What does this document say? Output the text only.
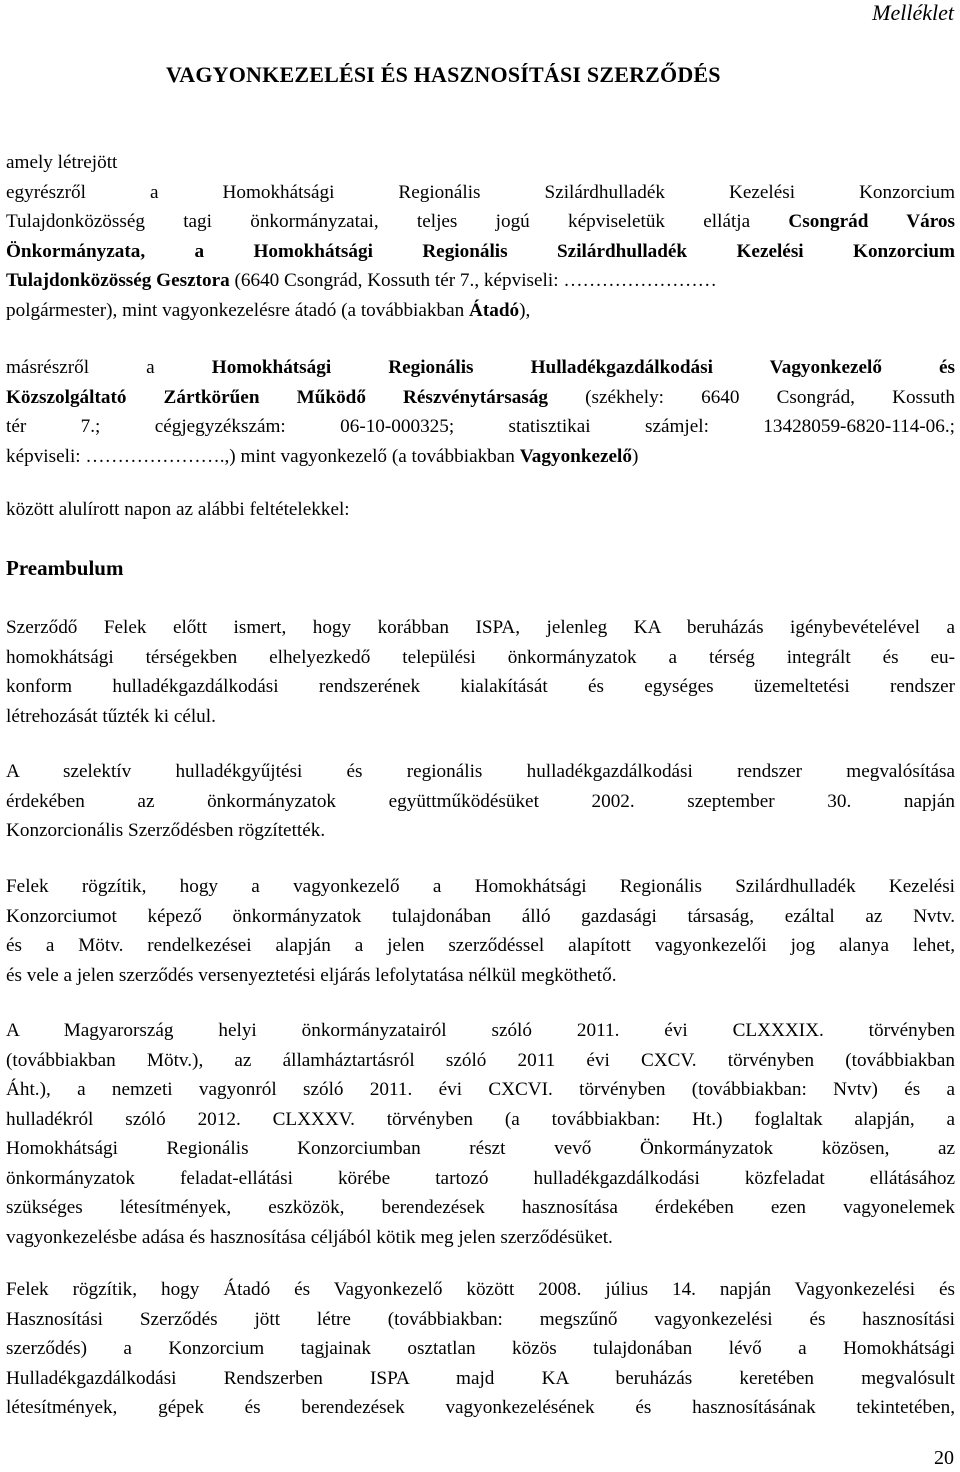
Melléklet
VAGYONKEZELÉSI ÉS HASZNOSÍTÁSI SZERZŐDÉS
amely létrejött
egyrészről a Homokhátsági Regionális Szilárdhulladék Kezelési Konzorcium
Tulajdonközösség tagi önkormányzatai, teljes jogú képviseletük ellátja Csongrád Város
Önkormányzata, a Homokhátsági Regionális Szilárdhulladék Kezelési Konzorcium
Tulajdonközösség Gesztora (6640 Csongrád, Kossuth tér 7., képviseli: ……………………
polgármester), mint vagyonkezelésre átadó (a továbbiakban Átadó),
másrészről a Homokhátsági Regionális Hulladékgazdálkodási Vagyonkezelő és
Közszolgáltató Zártkörűen Működő Részvénytársaság (székhely: 6640 Csongrád, Kossuth
tér 7.; cégjegyzékszám: 06-10-000325; statisztikai számjel: 13428059-6820-114-06.;
képviseli: ………………….,) mint vagyonkezelő (a továbbiakban Vagyonkezelő)
között alulírott napon az alábbi feltételekkel:
Preambulum
Szerződő Felek előtt ismert, hogy korábban ISPA, jelenleg KA beruházás igénybevételével a
homokhátsági térségekben elhelyezkedő települési önkormányzatok a térség integrált és eu-
konform hulladékgazdálkodási rendszerének kialakítását és egységes üzemeltetési rendszer
létrehozását tűzték ki célul.
A szelektív hulladékgyűjtési és regionális hulladékgazdálkodási rendszer megvalósítása
érdekében az önkormányzatok együttműködésüket 2002. szeptember 30. napján
Konzorcionális Szerződésben rögzítették.
Felek rögzítik, hogy a vagyonkezelő a Homokhátsági Regionális Szilárdhulladék Kezelési
Konzorciumot képező önkormányzatok tulajdonában álló gazdasági társaság, ezáltal az Nvtv.
és a Mötv. rendelkezései alapján a jelen szerződéssel alapított vagyonkezelői jog alanya lehet,
és vele a jelen szerződés versenyeztetési eljárás lefolytatása nélkül megköthető.
A Magyarország helyi önkormányzatairól szóló 2011. évi CLXXXIX. törvényben
(továbbiakban Mötv.), az államháztartásról szóló 2011 évi CXCV. törvényben (továbbiakban
Áht.), a nemzeti vagyonról szóló 2011. évi CXCVI. törvényben (továbbiakban: Nvtv) és a
hulladékról szóló 2012. CLXXXV. törvényben (a továbbiakban: Ht.) foglaltak alapján, a
Homokhátsági Regionális Konzorciumban részt vevő Önkormányzatok közösen, az
önkormányzatok feladat-ellátási körébe tartozó hulladékgazdálkodási közfeladat ellátásához
szükséges létesítmények, eszközök, berendezések hasznosítása érdekében ezen vagyonelemek
vagyonkezelésbe adása és hasznosítása céljából kötik meg jelen szerződésüket.
Felek rögzítik, hogy Átadó és Vagyonkezelő között 2008. július 14. napján Vagyonkezelési és
Hasznosítási Szerződés jött létre (továbbiakban: megszűnő vagyonkezelési és hasznosítási
szerződés) a Konzorcium tagjainak osztatlan közös tulajdonában lévő a Homokhátsági
Hulladékgazdálkodási Rendszerben ISPA majd KA beruházás keretében megvalósult
létesítmények, gépek és berendezések vagyonkezelésének és hasznosításának tekintetében,
20
